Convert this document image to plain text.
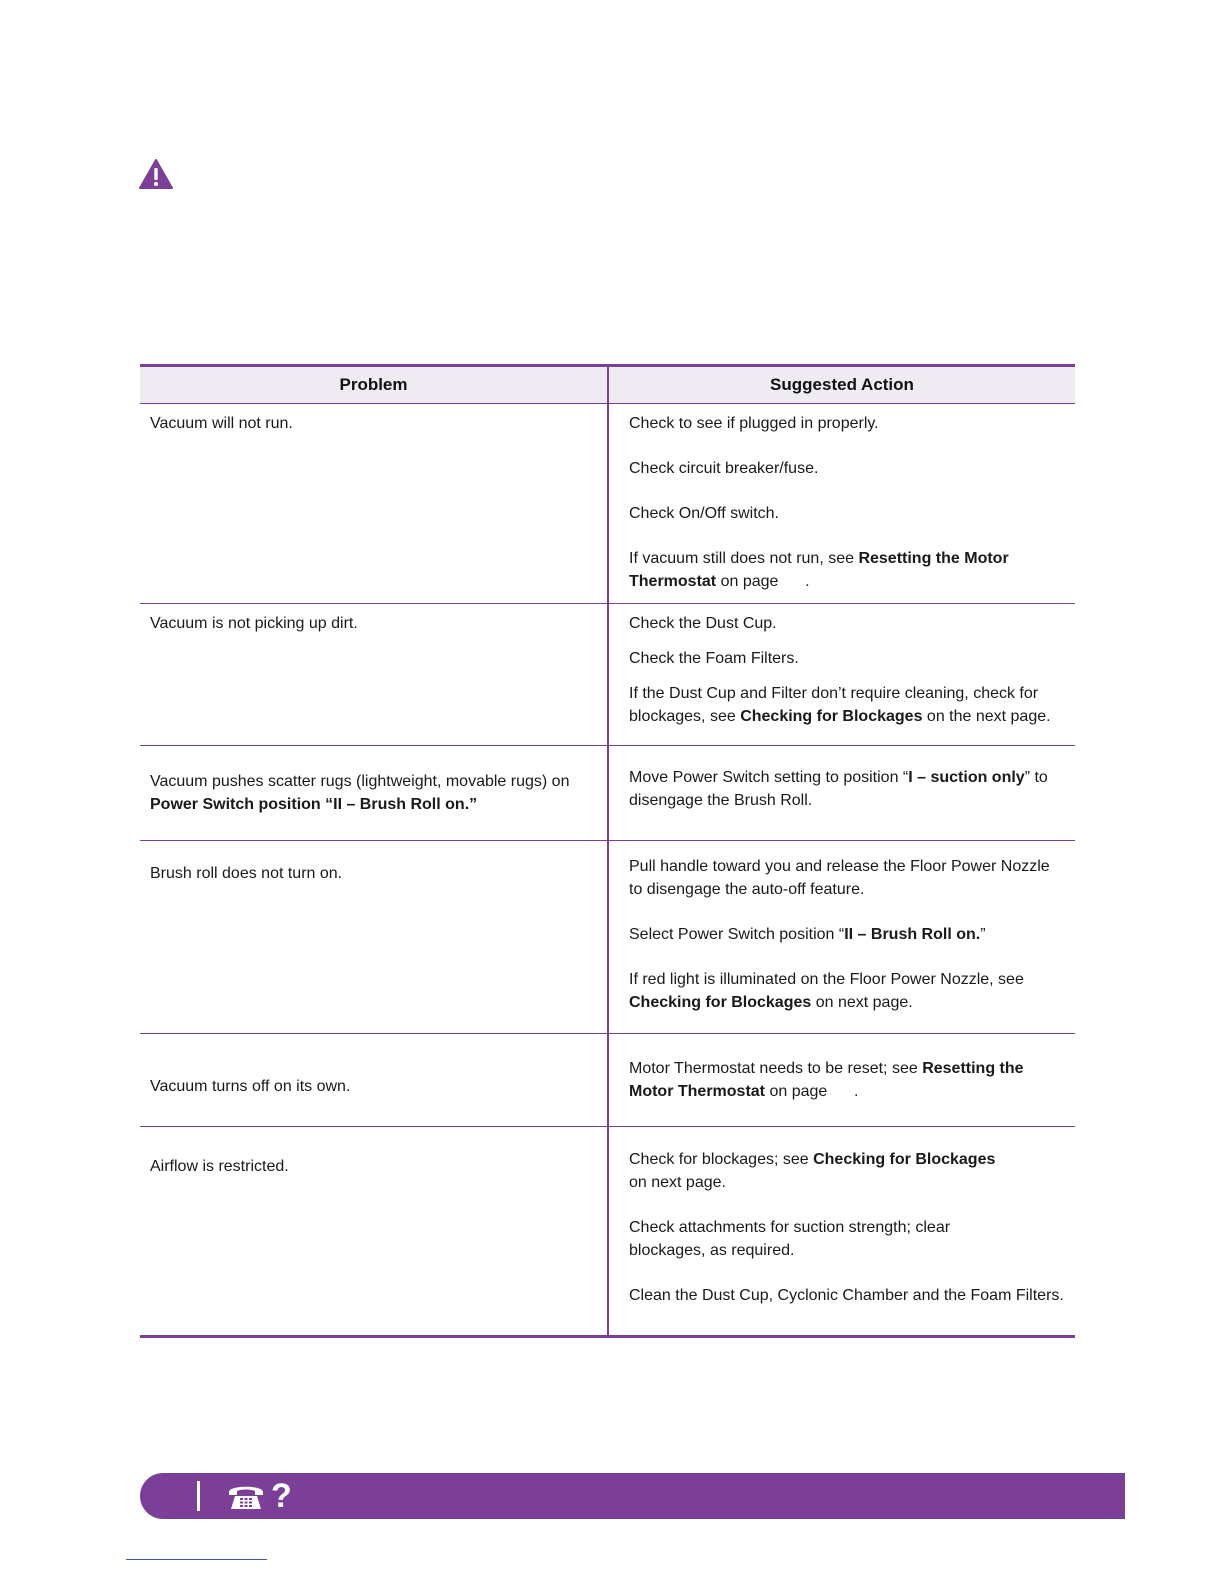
Problem	Suggested Action

Vacuum will not run.	Check to see if plugged in properly.

Check circuit breaker/fuse.

Check On/Off switch.

If vacuum still does not run, see Resetting the Motor Thermostat on page      .

Vacuum is not picking up dirt.	Check the Dust Cup.

Check the Foam Filters.

If the Dust Cup and Filter don’t require cleaning, check for blockages, see Checking for Blockages on the next page.

Vacuum pushes scatter rugs (lightweight, movable rugs) on
Power Switch position “II – Brush Roll on.”	Move Power Switch setting to position “I – suction only” to disengage the Brush Roll.

Brush roll does not turn on.	Pull handle toward you and release the Floor Power Nozzle to disengage the auto-off feature.

Select Power Switch position “II – Brush Roll on.”

If red light is illuminated on the Floor Power Nozzle, see Checking for Blockages on next page.

Vacuum turns off on its own.	Motor Thermostat needs to be reset; see Resetting the Motor Thermostat on page      .

Airflow is restricted.	Check for blockages; see Checking for Blockages on next page.

Check attachments for suction strength; clear blockages, as required.

Clean the Dust Cup, Cyclonic Chamber and the Foam Filters.

?
